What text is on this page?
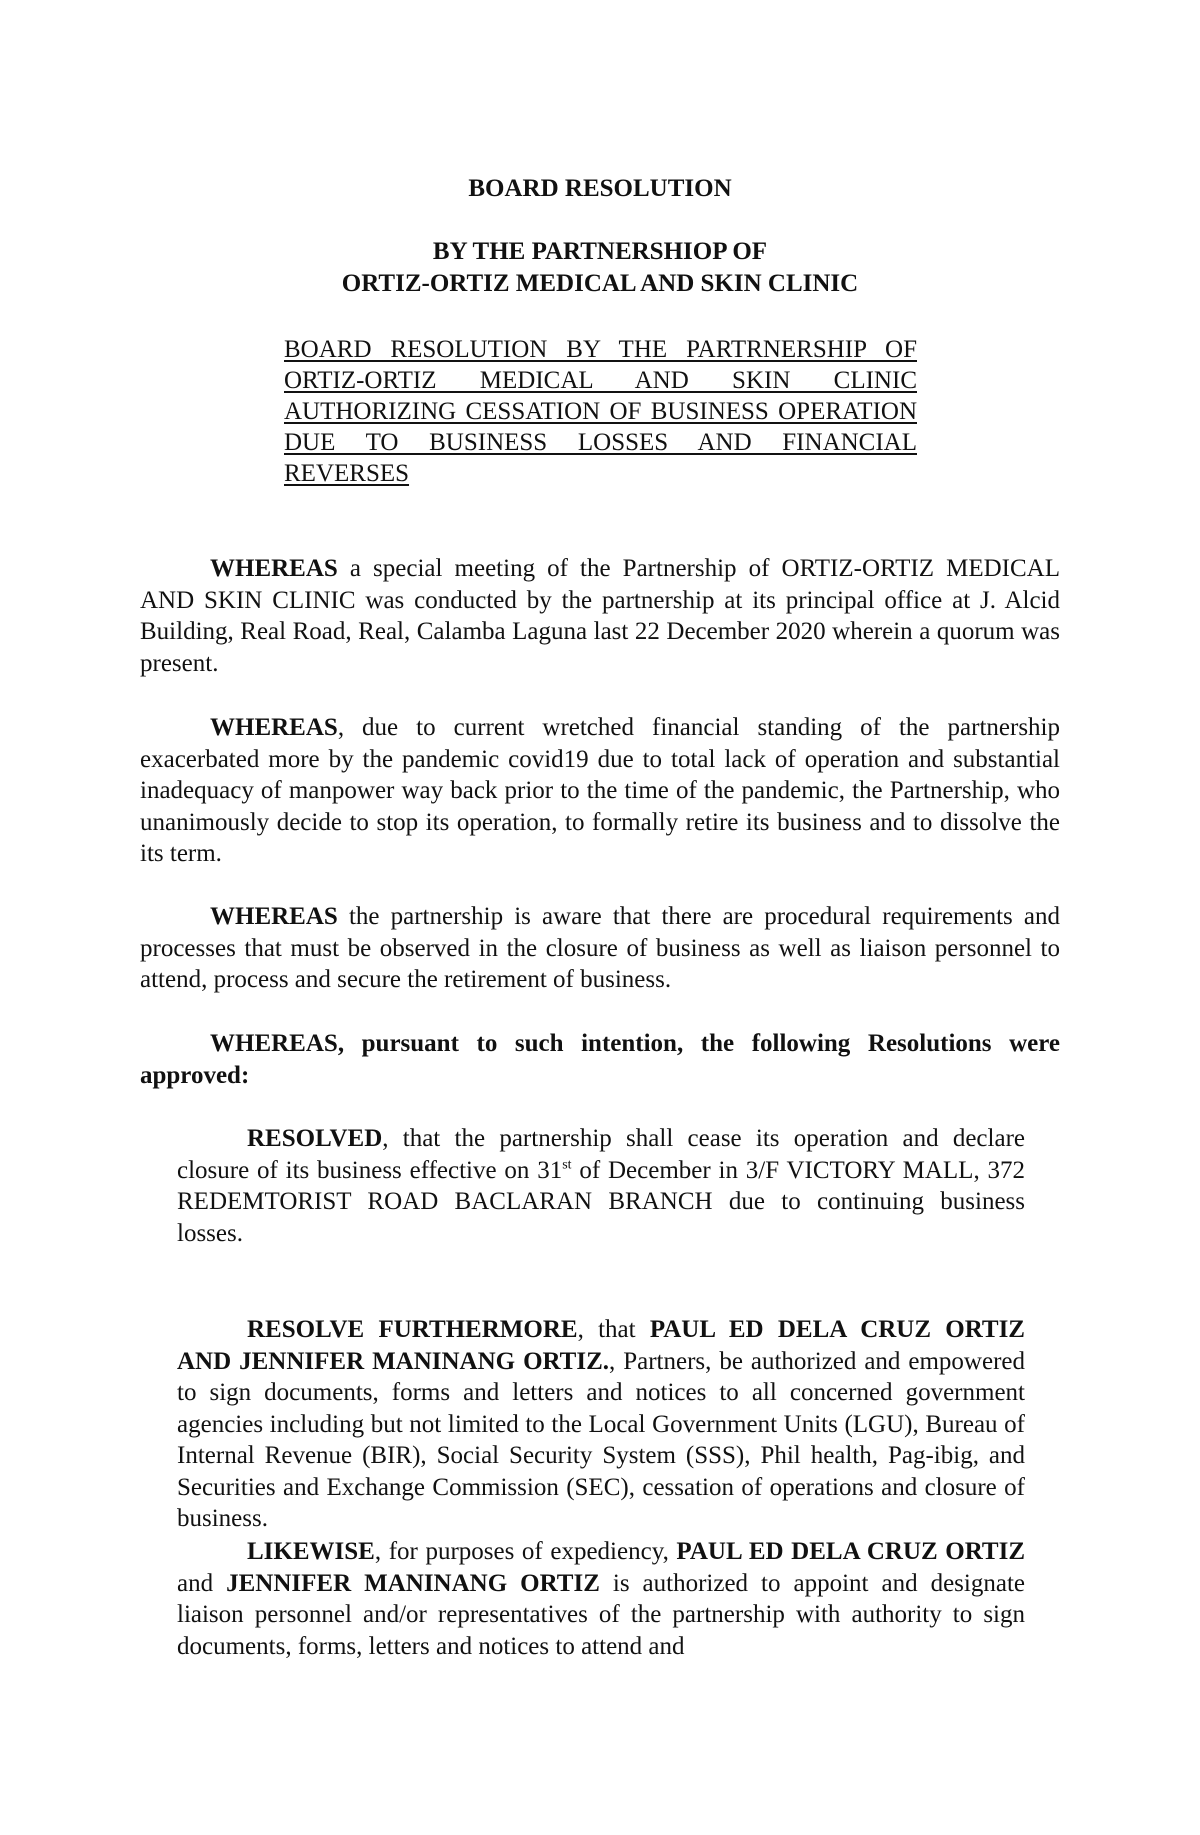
BOARD RESOLUTION
BY THE PARTNERSHIOP OF
ORTIZ-ORTIZ MEDICAL AND SKIN CLINIC
BOARD RESOLUTION BY THE PARTRNERSHIP OF ORTIZ-ORTIZ MEDICAL AND SKIN CLINIC AUTHORIZING CESSATION OF BUSINESS OPERATION DUE TO BUSINESS LOSSES AND FINANCIAL REVERSES

WHEREAS a special meeting of the Partnership of ORTIZ-ORTIZ MEDICAL AND SKIN CLINIC was conducted by the partnership at its principal office at J. Alcid Building, Real Road, Real, Calamba Laguna last 22 December 2020 wherein a quorum was present.

WHEREAS, due to current wretched financial standing of the partnership exacerbated more by the pandemic covid19 due to total lack of operation and substantial inadequacy of manpower way back prior to the time of the pandemic, the Partnership, who unanimously decide to stop its operation, to formally retire its business and to dissolve the its term.

WHEREAS the partnership is aware that there are procedural requirements and processes that must be observed in the closure of business as well as liaison personnel to attend, process and secure the retirement of business.

WHEREAS, pursuant to such intention, the following Resolutions were approved:

RESOLVED, that the partnership shall cease its operation and declare closure of its business effective on 31st of December in 3/F VICTORY MALL, 372 REDEMTORIST ROAD BACLARAN BRANCH due to continuing business losses.

RESOLVE FURTHERMORE, that PAUL ED DELA CRUZ ORTIZ AND JENNIFER MANINANG ORTIZ., Partners, be authorized and empowered to sign documents, forms and letters and notices to all concerned government agencies including but not limited to the Local Government Units (LGU), Bureau of Internal Revenue (BIR), Social Security System (SSS), Phil health, Pag-ibig, and Securities and Exchange Commission (SEC), cessation of operations and closure of business.

LIKEWISE, for purposes of expediency, PAUL ED DELA CRUZ ORTIZ and JENNIFER MANINANG ORTIZ is authorized to appoint and designate liaison personnel and/or representatives of the partnership with authority to sign documents, forms, letters and notices to attend and
